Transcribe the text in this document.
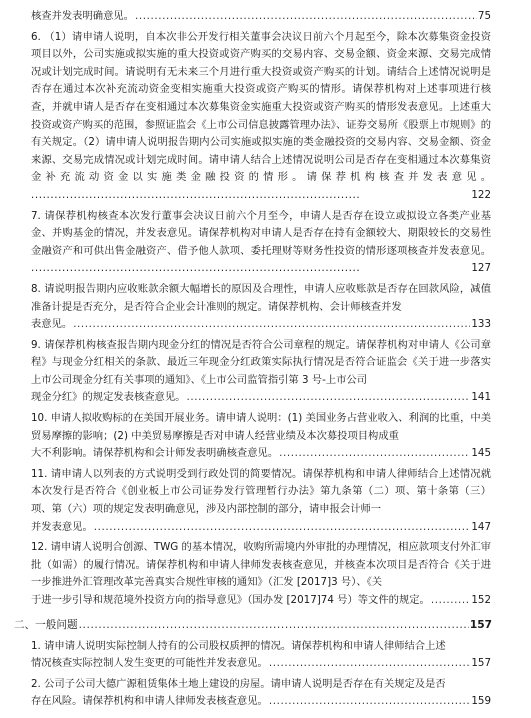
核查并发表明确意见。 .....	75
6. （1）请申请人说明，自本次非公开发行相关董事会决议日前六个月起至今，除本次募集资金投资项目以外，公司实施或拟实施的重大投资或资产购买的交易内容、交易金额、资金来源、交易完成情况或计划完成时间。请说明有无未来三个月进行重大投资或资产购买的计划。请结合上述情况说明是否存在通过本次补充流动资金变相实施重大投资或资产购买的情形。请保荐机构对上述事项进行核查，并就申请人是否存在变相通过本次募集资金实施重大投资或资产购买的情形发表意见。上述重大投资或资产购买的范围，参照证监会《上市公司信息披露管理办法》、证券交易所《股票上市规则》的有关规定。（2）请申请人说明报告期内公司实施或拟实施的类金融投资的交易内容、交易金额、资金来源、交易完成情况或计划完成时间。请申请人结合上述情况说明公司是否存在变相通过本次募集资金补充流动资金以实施类金融投资的情形。请保荐机构核查并发表意见。 .....................................................................................	122
7. 请保荐机构核查本次发行董事会决议日前六个月至今，申请人是否存在设立或拟设立各类产业基金、并购基金的情况，并发表意见。请保荐机构对申请人是否存在持有金额较大、期限较长的交易性金融资产和可供出售金融资产、借予他人款项、委托理财等财务性投资的情形逐项核查并发表意见。 .....................................................................................	127
8. 请说明报告期内应收账款余额大幅增长的原因及合理性，申请人应收账款是否存在回款风险，减值准备计提是否充分，是否符合企业会计准则的规定。请保荐机构、会计师核查并发
表意见。 .....	133
9. 请保荐机构核查报告期内现金分红的情况是否符合公司章程的规定。请保荐机构对申请人《公司章程》与现金分红相关的条款、最近三年现金分红政策实际执行情况是否符合证监会《关于进一步落实上市公司现金分红有关事项的通知》、《上市公司监管指引第 3 号-上市公司
现金分红》的规定发表核查意见。 .....	141
10. 申请人拟收购标的在美国开展业务。请申请人说明：(1) 美国业务占营业收入、利润的比重，中美贸易摩擦的影响；(2) 中美贸易摩擦是否对申请人经营业绩及本次募投项目构成重
大不利影响。请保荐机构和会计师发表明确核查意见。 .....	145
11. 请申请人以列表的方式说明受到行政处罚的简要情况。请保荐机构和申请人律师结合上述情况就本次发行是否符合《创业板上市公司证券发行管理暂行办法》第九条第（二）项、第十条第（三）项、第（六）项的规定发表明确意见，涉及内部控制的部分，请申报会计师一
并发表意见。 .....	147
12. 请申请人说明合创源、TWG 的基本情况，收购所需境内外审批的办理情况，相应款项支付外汇审批（如需）的履行情况。请保荐机构和申请人律师发表核查意见，并核查本次项目是否符合《关于进一步推进外汇管理改革完善真实合规性审核的通知》（汇发 [2017]3 号）、《关
于进一步引导和规范境外投资方向的指导意见》（国办发 [2017]74 号）等文件的规定。 .....	152
二、一般问题 .....	157
1. 请申请人说明实际控制人持有的公司股权质押的情况。请保荐机构和申请人律师结合上述
情况核查实际控制人发生变更的可能性并发表意见。 .....	157
2. 公司子公司大德广源租赁集体土地上建设的房屋。请申请人说明是否存在有关规定及是否
存在风险。请保荐机构和申请人律师发表核查意见。 .....	159
